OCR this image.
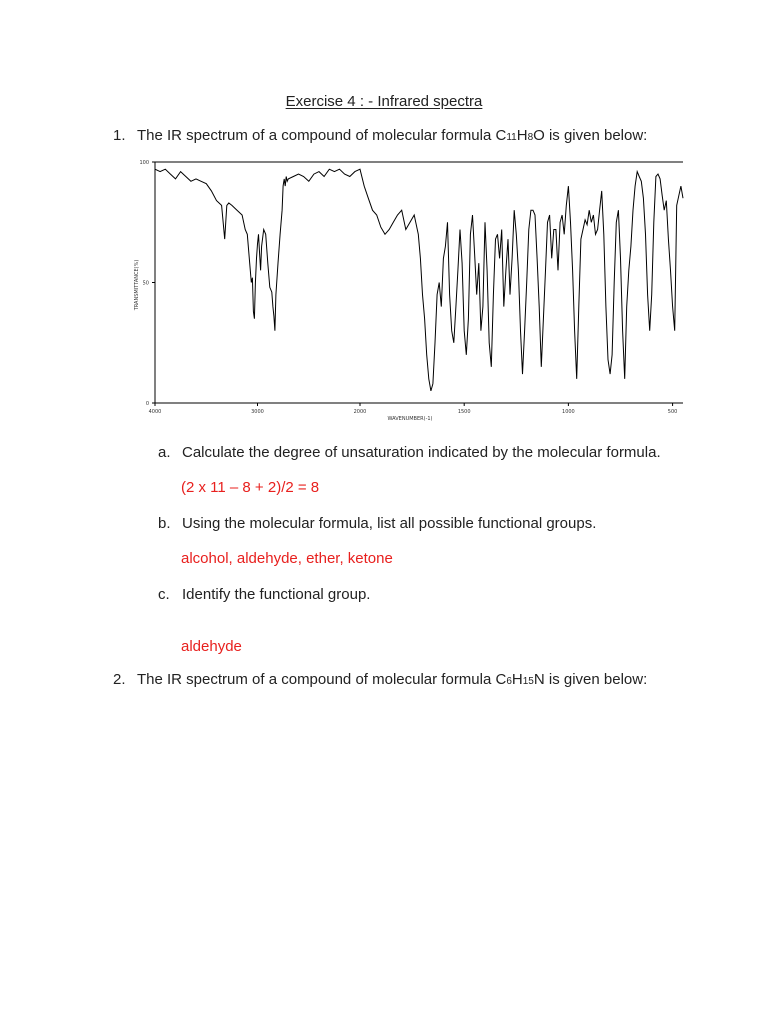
Exercise 4 : - Infrared spectra
1. The IR spectrum of a compound of molecular formula C11H8O is given below:
4000	3000	2000	1500	1000	500
100
50
0
WAVENUMBER(-1)
TRANSMITTANCE(%)
a. Calculate the degree of unsaturation indicated by the molecular formula.
(2 x 11 – 8 + 2)/2 = 8
b. Using the molecular formula, list all possible functional groups.
alcohol, aldehyde, ether, ketone
c. Identify the functional group.
aldehyde
2. The IR spectrum of a compound of molecular formula C6H15N is given below:
